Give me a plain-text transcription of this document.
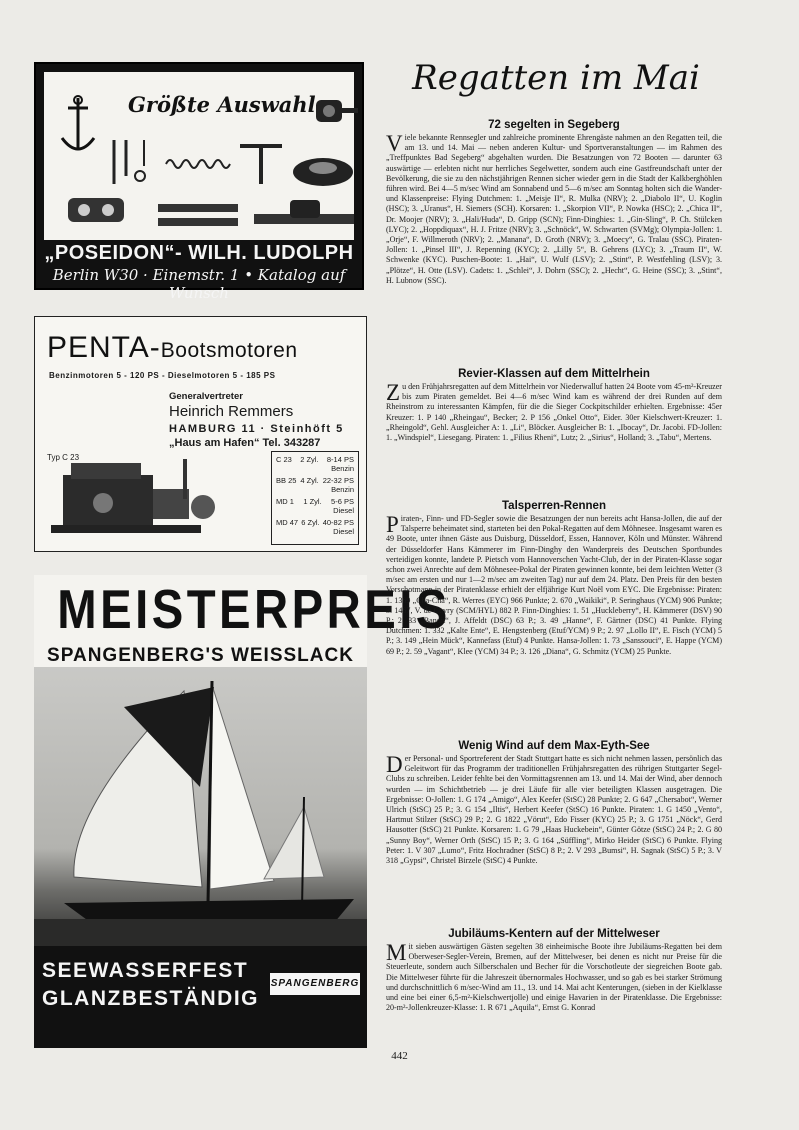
Größte Auswahl
„POSEIDON“- WILH. LUDOLPH
Berlin W30 · Einemstr. 1 • Katalog auf Wunsch
PENTA-Bootsmotoren
Benzinmotoren 5 - 120 PS - Dieselmotoren 5 - 185 PS
Generalvertreter
Heinrich Remmers
HAMBURG 11 · Steinhöft 5
„Haus am Hafen“ Tel. 343287
Typ C 23	C 23 2 Zyl. 8-14 PS
Benzin
BB 25 4 Zyl. 22-32 PS
Benzin
MD 1 1 Zyl. 5-6 PS
Diesel
MD 47 6 Zyl. 40-82 PS
Diesel
MEISTERPREIS
SPANGENBERG'S WEISSLACK
SEEWASSERFEST
GLANZBESTÄNDIG
SPANGENBERG
Regatten im Mai
72 segelten in Segeberg

Viele bekannte Rennsegler und zahlreiche prominente Ehrengäste nahmen an den Regatten teil, die am 13. und 14. Mai — neben anderen Kultur- und Sportveranstaltungen — im Rahmen des „Treffpunktes Bad Segeberg“ abgehalten wurden. Die Besatzungen von 72 Booten — darunter 63 auswärtige — erlebten nicht nur herrliches Segelwetter, sondern auch eine Gastfreundschaft unter der Bevölkerung, die sie zu den nächstjährigen Rennen sicher wieder gern in die Stadt der Kalkberghöhlen führen wird. Bei 4—5 m/sec Wind am Sonnabend und 5—6 m/sec am Sonntag holten sich die Wander- und Klassenpreise: Flying Dutchmen: 1. „Meisje II“, R. Mulka (NRV); 2. „Diabolo II“, U. Koglin (HSC); 3. „Uranus“, H. Siemers (SCH). Korsaren: 1. „Skorpion VII“, P. Nowka (HSC); 2. „Chica II“, Dr. Moojer (NRV); 3. „Hali/Huda“, D. Gripp (SCN); Finn-Dinghies: 1. „Gin-Sling“, P. Ch. Stülcken (LYC); 2. „Hoppdiquax“, H. J. Fritze (NRV); 3. „Schnöck“, W. Schwarten (SVMg); Olympia-Jollen: 1. „Orje“, F. Willmeroth (NRV); 2. „Manana“, D. Groth (NRV); 3. „Moecy“, G. Tralau (SSC). Piraten-Jollen: 1. „Pinsel III“, J. Repenning (KYC); 2. „Lilly 5“, B. Gehrens (LYC); 3. „Traum II“, W. Schwenke (KYC). Puschen-Boote: 1. „Hai“, U. Wulf (LSV); 2. „Stint“, P. Westfehling (LSV); 3. „Plötze“, H. Otte (LSV). Cadets: 1. „Schlei“, J. Dohrn (SSC); 2. „Hecht“, G. Heine (SSC); 3. „Stint“, H. Lubnow (SSC).

Revier-Klassen auf dem Mittelrhein

Zu den Frühjahrsregatten auf dem Mittelrhein vor Niederwalluf hatten 24 Boote vom 45-m²-Kreuzer bis zum Piraten gemeldet. Bei 4—6 m/sec Wind kam es während der drei Runden auf dem Rheinstrom zu interessanten Kämpfen, für die die Sieger Cockpitschilder erhielten. Ergebnisse: 45er Kreuzer: 1. P 140 „Rheingau“, Becker; 2. P 156 „Onkel Otto“, Eider. 30er Kielschwert-Kreuzer: 1. „Rheingold“, Gehl. Ausgleicher A: 1. „Li“, Blöcker. Ausgleicher B: 1. „Ibocay“, Dr. Jacobi. FD-Jollen: 1. „Windspiel“, Liesegang. Piraten: 1. „Filius Rheni“, Lutz; 2. „Sirius“, Holland; 3. „Tabu“, Mertens.

Talsperren-Rennen

Piraten-, Finn- und FD-Segler sowie die Besatzungen der nun bereits acht Hansa-Jollen, die auf der Talsperre beheimatet sind, starteten bei den Pokal-Regatten auf dem Möhnesee. Insgesamt waren es 49 Boote, unter ihnen Gäste aus Duisburg, Düsseldorf, Essen, Hannover, Köln und Münster. Während der Düsseldorfer Hans Kämmerer im Finn-Dinghy den Wanderpreis des Deutschen Sportbundes verteidigen konnte, landete P. Pietsch vom Hannoverschen Yacht-Club, der in der Piraten-Klasse sogar schon zwei Anrechte auf dem Möhnesee-Pokal der Piraten gewinnen konnte, bei dem leichten Wetter (3 m/sec am ersten und nur 1—2 m/sec am zweiten Tag) nur auf dem 24. Platz. Den Preis für den besten Vorschotmann in der Piratenklasse erhielt der elfjährige Kurt Noël vom EYC. Die Ergebnisse: Piraten: 1. 1369 „Cha-Cha“, R. Werres (EYC) 966 Punkte; 2. 670 „Waikiki“, P. Seringhaus (YCM) 906 Punkte; 3. 1467, V. de Cuvry (SCM/HYL) 882 P. Finn-Dinghies: 1. 51 „Huckleberry“, H. Kämmerer (DSV) 90 P.; 2. 33 „Bandit“, J. Affeldt (DSC) 63 P.; 3. 49 „Hanne“, F. Gärtner (DSC) 41 Punkte. Flying Dutchmen: 1. 332 „Kalte Ente“, E. Hengstenberg (Etuf/YCM) 9 P.; 2. 97 „Lollo II“, E. Fisch (YCM) 5 P.; 3. 149 „Hein Mück“, Kannefass (Etuf) 4 Punkte. Hansa-Jollen: 1. 73 „Sanssouci“, E. Happe (YCM) 69 P.; 2. 59 „Vagant“, Klee (YCM) 34 P.; 3. 126 „Diana“, G. Schmitz (YCM) 25 Punkte.

Wenig Wind auf dem Max-Eyth-See

Der Personal- und Sportreferent der Stadt Stuttgart hatte es sich nicht nehmen lassen, persönlich das Geleitwort für das Programm der traditionellen Frühjahrsregatten des rührigen Stuttgarter Segel-Clubs zu schreiben. Leider fehlte bei den Vormittagsrennen am 13. und 14. Mai der Wind, aber dennoch wurden — im Schichtbetrieb — je drei Läufe für alle vier beteiligten Klassen ausgetragen. Die Ergebnisse: O-Jollen: 1. G 174 „Amigo“, Alex Keefer (StSC) 28 Punkte; 2. G 647 „Chersabot“, Werner Ulrich (StSC) 25 P.; 3. G 154 „Iltis“, Herbert Keefer (StSC) 16 Punkte. Piraten: 1. G 1450 „Vento“, Hartmut Stilzer (StSC) 29 P.; 2. G 1822 „Vörut“, Edo Fisser (KYC) 25 P.; 3. G 1751 „Nöck“, Gerd Hausotter (StSC) 21 Punkte. Korsaren: 1. G 79 „Haas Huckebein“, Günter Götze (StSC) 24 P.; 2. G 80 „Sunny Boy“, Werner Orth (StSC) 15 P.; 3. G 164 „Süffling“, Mirko Heider (StSC) 6 Punkte. Flying Peter: 1. V 307 „Lumo“, Fritz Hochradner (StSC) 8 P.; 2. V 293 „Bumsi“, H. Sagnak (StSC) 5 P.; 3. V 318 „Gypsi“, Christel Birzele (StSC) 4 Punkte.

Jubiläums-Kentern auf der Mittelweser

Mit sieben auswärtigen Gästen segelten 38 einheimische Boote ihre Jubiläums-Regatten bei dem Oberweser-Segler-Verein, Bremen, auf der Mittelweser, bei denen es nicht nur Preise für die Steuerleute, sondern auch Silberschalen und Becher für die Vorschotleute der siegreichen Boote gab. Die Mittelweser führte für die Jahreszeit übernormales Hochwasser, und so gab es bei starker Strömung und durchschnittlich 6 m/sec-Wind am 11., 13. und 14. Mai acht Kenterungen, (sieben in der Kielklasse und eine bei einer 6,5-m²-Kielschwertjolle) und einige Havarien in der Piratenklasse. Die Ergebnisse: 20-m²-Jollenkreuzer-Klasse: 1. R 671 „Aquila“, Ernst G. Konrad

442
